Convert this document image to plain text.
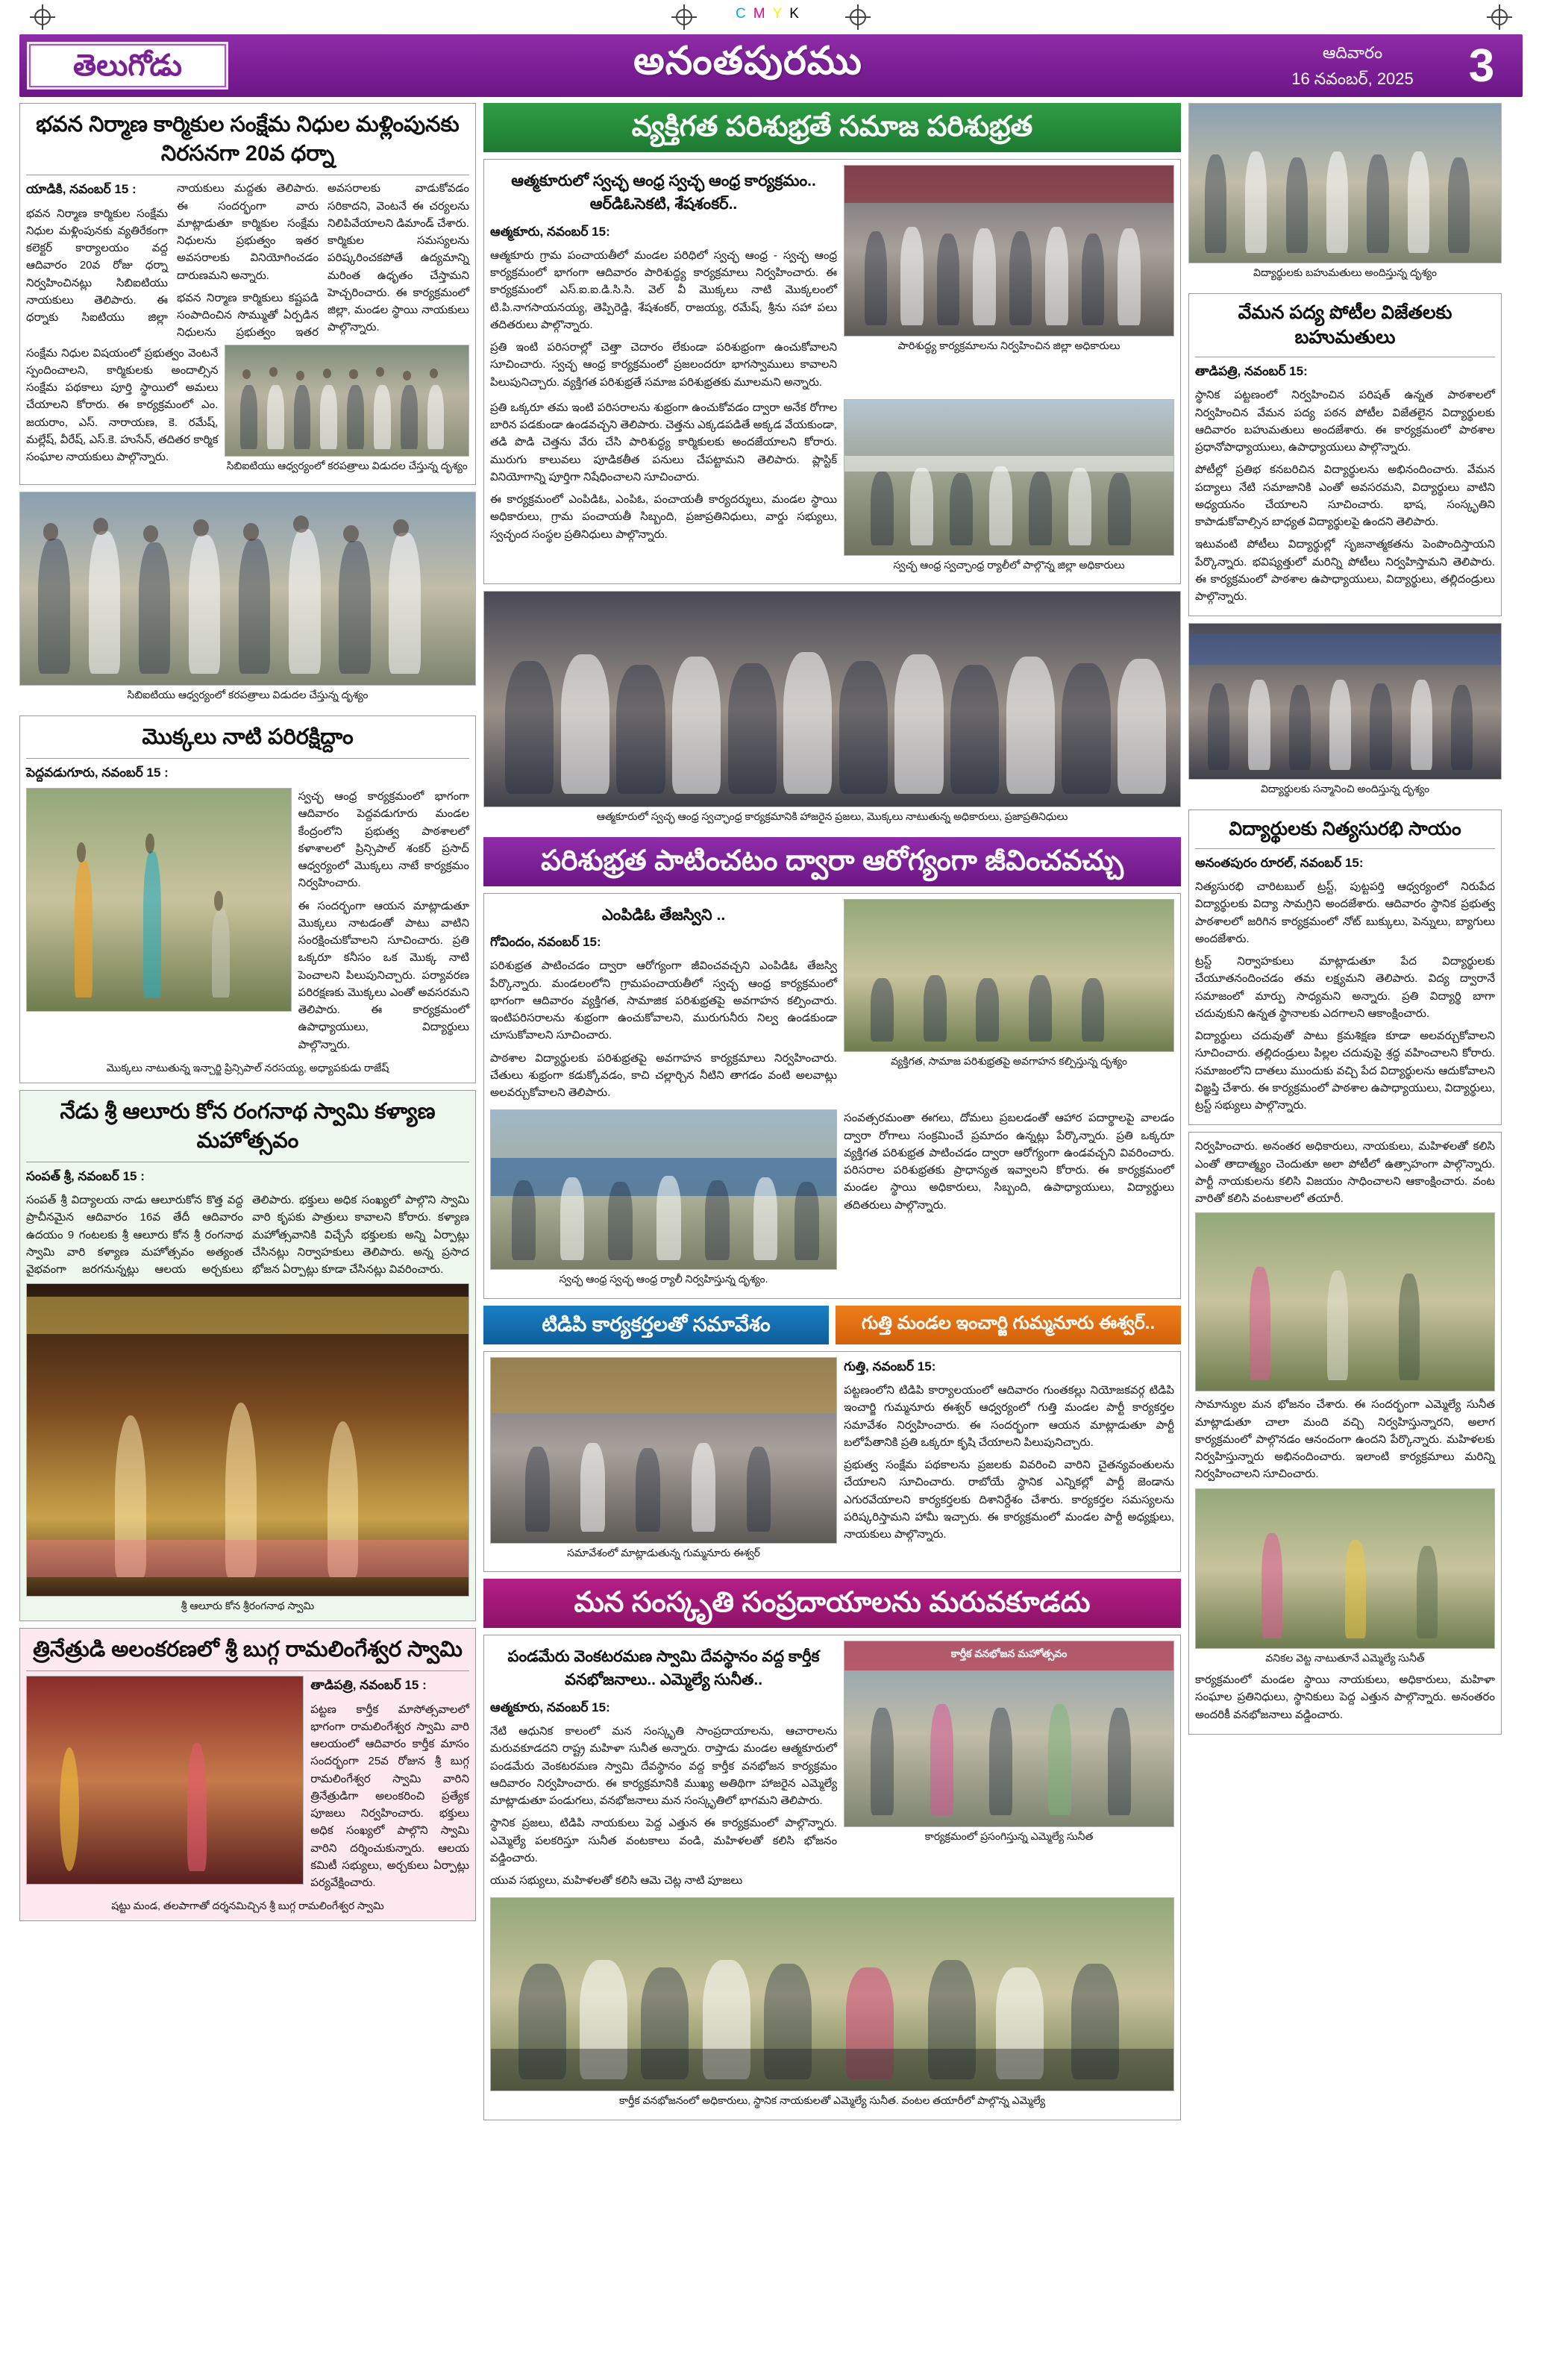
CMYK
తెలుగోడు	అనంతపురము	ఆదివారం
16 నవంబర్, 2025	3
భవన నిర్మాణ కార్మికుల సంక్షేమ నిధుల మళ్లింపునకు నిరసనగా 20వ ధర్నా

యాడికి, నవంబర్ 15 :

భవన నిర్మాణ కార్మికుల సంక్షేమ నిధుల మళ్లింపునకు వ్యతిరేకంగా కలెక్టర్ కార్యాలయం వద్ద ఆదివారం 20వ రోజు ధర్నా నిర్వహించినట్లు సిబిఐటియు నాయకులు తెలిపారు. ఈ ధర్నాకు సిఐటియు జిల్లా నాయకులు మద్దతు తెలిపారు. ఈ సందర్భంగా వారు మాట్లాడుతూ కార్మికుల సంక్షేమ నిధులను ప్రభుత్వం ఇతర అవసరాలకు వినియోగించడం దారుణమని అన్నారు.

భవన నిర్మాణ కార్మికులు కష్టపడి సంపాదించిన సొమ్ముతో ఏర్పడిన నిధులను ప్రభుత్వం ఇతర అవసరాలకు వాడుకోవడం సరికాదని, వెంటనే ఈ చర్యలను నిలిపివేయాలని డిమాండ్ చేశారు. కార్మికుల సమస్యలను పరిష్కరించకపోతే ఉద్యమాన్ని మరింత ఉధృతం చేస్తామని హెచ్చరించారు. ఈ కార్యక్రమంలో జిల్లా, మండల స్థాయి నాయకులు పాల్గొన్నారు.

సంక్షేమ నిధుల విషయంలో ప్రభుత్వం వెంటనే స్పందించాలని, కార్మికులకు అందాల్సిన సంక్షేమ పథకాలు పూర్తి స్థాయిలో అమలు చేయాలని కోరారు. ఈ కార్యక్రమంలో ఎం. జయరాం, ఎస్. నారాయణ, కె. రమేష్, మల్లేష్, వీరేష్, ఎస్.కె. హుసేన్, తదితర కార్మిక సంఘాల నాయకులు పాల్గొన్నారు.

సిబిఐటియు ఆధ్వర్యంలో కరపత్రాలు విడుదల చేస్తున్న దృశ్యం
సిబిఐటియు ఆధ్వర్యంలో కరపత్రాలు విడుదల చేస్తున్న దృశ్యం
మొక్కలు నాటి పరిరక్షిద్దాం

పెద్దవడుగూరు, నవంబర్ 15 :

స్వచ్ఛ ఆంధ్ర కార్యక్రమంలో భాగంగా ఆదివారం పెద్దవడుగూరు మండల కేంద్రంలోని ప్రభుత్వ పాఠశాలలో కళాశాలలో ప్రిన్సిపాల్ శంకర్ ప్రసాద్ ఆధ్వర్యంలో మొక్కలు నాటే కార్యక్రమం నిర్వహించారు.

ఈ సందర్భంగా ఆయన మాట్లాడుతూ మొక్కలు నాటడంతో పాటు వాటిని సంరక్షించుకోవాలని సూచించారు. ప్రతి ఒక్కరూ కనీసం ఒక మొక్క నాటి పెంచాలని పిలుపునిచ్చారు. పర్యావరణ పరిరక్షణకు మొక్కలు ఎంతో అవసరమని తెలిపారు. ఈ కార్యక్రమంలో ఉపాధ్యాయులు, విద్యార్థులు పాల్గొన్నారు.

మొక్కలు నాటుతున్న ఇన్చార్జి ప్రిన్సిపాల్ నరసయ్య, అధ్యాపకుడు రాజేష్
నేడు శ్రీ ఆలూరు కోన రంగనాథ స్వామి కళ్యాణ మహోత్సవం

సంపత్ శ్రీ, నవంబర్ 15 :

సంపత్ శ్రీ విద్యాలయ నాడు ఆలూరుకోన కొత్త వద్ద ప్రాచీనమైన ఆదివారం 16వ తేదీ ఆదివారం ఉదయం 9 గంటలకు శ్రీ ఆలూరు కోన శ్రీ రంగనాథ స్వామి వారి కళ్యాణ మహోత్సవం అత్యంత వైభవంగా జరగనున్నట్లు ఆలయ అర్చకులు తెలిపారు. భక్తులు అధిక సంఖ్యలో పాల్గొని స్వామి వారి కృపకు పాత్రులు కావాలని కోరారు. కళ్యాణ మహోత్సవానికి విచ్చేసే భక్తులకు అన్ని ఏర్పాట్లు చేసినట్లు నిర్వాహకులు తెలిపారు. అన్న ప్రసాద భోజన ఏర్పాట్లు కూడా చేసినట్లు వివరించారు.

శ్రీ ఆలూరు కోన శ్రీరంగనాథ స్వామి
త్రినేత్రుడి అలంకరణలో శ్రీ బుగ్గ రామలింగేశ్వర స్వామి

తాడిపత్రి, నవంబర్ 15 :

పట్టణ కార్తీక మాసోత్సవాలలో భాగంగా రామలింగేశ్వర స్వామి వారి ఆలయంలో ఆదివారం కార్తీక మాసం సందర్భంగా 25వ రోజున శ్రీ బుగ్గ రామలింగేశ్వర స్వామి వారిని త్రినేత్రుడిగా అలంకరించి ప్రత్యేక పూజలు నిర్వహించారు. భక్తులు అధిక సంఖ్యలో పాల్గొని స్వామి వారిని దర్శించుకున్నారు. ఆలయ కమిటీ సభ్యులు, అర్చకులు ఏర్పాట్లు పర్యవేక్షించారు.

షట్టు మండ, తలపాగాతో దర్శనమిచ్చిన శ్రీ బుగ్గ రామలింగేశ్వర స్వామి
వ్యక్తిగత పరిశుభ్రతే సమాజ పరిశుభ్రత
ఆత్మకూరులో స్వచ్ఛ ఆంధ్ర స్వచ్ఛ ఆంధ్ర కార్యక్రమం.. ఆర్‌డిఓసెకటి, శేషశంకర్..

ఆత్మకూరు, నవంబర్ 15:

ఆత్మకూరు గ్రామ పంచాయతీలో మండల పరిధిలో స్వచ్ఛ ఆంధ్ర - స్వచ్ఛ ఆంధ్ర కార్యక్రమంలో భాగంగా ఆదివారం పారిశుద్ధ్య కార్యక్రమాలు నిర్వహించారు. ఈ కార్యక్రమంలో ఎస్.ఐ.ఐ.డి.సి.సి. వెల్ వీ మొక్కలు నాటి మొక్కలంలో టి.పి.నాగసాయనయ్య, తెప్పిరెడ్డి, శేషశంకర్, రాజయ్య, రమేష్, శ్రీను సహా పలు తదితరులు పాల్గొన్నారు.

ప్రతి ఇంటి పరిసరాల్లో చెత్తా చెదారం లేకుండా పరిశుభ్రంగా ఉంచుకోవాలని సూచించారు. స్వచ్ఛ ఆంధ్ర కార్యక్రమంలో ప్రజలందరూ భాగస్వాములు కావాలని పిలుపునిచ్చారు. వ్యక్తిగత పరిశుభ్రతే సమాజ పరిశుభ్రతకు మూలమని అన్నారు.

పారిశుద్ధ్య కార్యక్రమాలను నిర్వహించిన జిల్లా అధికారులు

ప్రతి ఒక్కరూ తమ ఇంటి పరిసరాలను శుభ్రంగా ఉంచుకోవడం ద్వారా అనేక రోగాల బారిన పడకుండా ఉండవచ్చని తెలిపారు. చెత్తను ఎక్కడపడితే అక్కడ వేయకుండా, తడి పొడి చెత్తను వేరు చేసి పారిశుద్ధ్య కార్మికులకు అందజేయాలని కోరారు. మురుగు కాలువలు పూడికతీత పనులు చేపట్టామని తెలిపారు. ప్లాస్టిక్ వినియోగాన్ని పూర్తిగా నిషేధించాలని సూచించారు.

ఈ కార్యక్రమంలో ఎంపిడిఓ, ఎంపిఓ, పంచాయతీ కార్యదర్శులు, మండల స్థాయి అధికారులు, గ్రామ పంచాయతీ సిబ్బంది, ప్రజాప్రతినిధులు, వార్డు సభ్యులు, స్వచ్ఛంద సంస్థల ప్రతినిధులు పాల్గొన్నారు.

స్వచ్ఛ ఆంధ్ర స్వచ్ఛాంధ్ర ర్యాలీలో పాల్గొన్న జిల్లా అధికారులు
ఆత్మకూరులో స్వచ్ఛ ఆంధ్ర స్వచ్ఛాంధ్ర కార్యక్రమానికి హాజరైన ప్రజలు, మొక్కలు నాటుతున్న అధికారులు, ప్రజాప్రతినిధులు
పరిశుభ్రత పాటించటం ద్వారా ఆరోగ్యంగా జీవించవచ్చు
ఎంపిడిఓ తేజస్విని ..

గోవిందం, నవంబర్ 15:

పరిశుభ్రత పాటించడం ద్వారా ఆరోగ్యంగా జీవించవచ్చని ఎంపిడిఓ తేజస్వి పేర్కొన్నారు. మండలంలోని గ్రామపంచాయతీలో స్వచ్ఛ ఆంధ్ర కార్యక్రమంలో భాగంగా ఆదివారం వ్యక్తిగత, సామాజిక పరిశుభ్రతపై అవగాహన కల్పించారు. ఇంటిపరిసరాలను శుభ్రంగా ఉంచుకోవాలని, మురుగునీరు నిల్వ ఉండకుండా చూసుకోవాలని సూచించారు.

పాఠశాల విద్యార్థులకు పరిశుభ్రతపై అవగాహన కార్యక్రమాలు నిర్వహించారు. చేతులు శుభ్రంగా కడుక్కోవడం, కాచి చల్లార్చిన నీటిని తాగడం వంటి అలవాట్లు అలవర్చుకోవాలని తెలిపారు.

వ్యక్తిగత, సామాజ పరిశుభ్రతపై అవగాహన కల్పిస్తున్న దృశ్యం
స్వచ్ఛ ఆంధ్ర స్వచ్ఛ ఆంధ్ర ర్యాలీ నిర్వహిస్తున్న దృశ్యం.

సంవత్సరమంతా ఈగలు, దోమలు ప్రబలడంతో ఆహార పదార్థాలపై వాలడం ద్వారా రోగాలు సంక్రమించే ప్రమాదం ఉన్నట్లు పేర్కొన్నారు. ప్రతి ఒక్కరూ వ్యక్తిగత పరిశుభ్రత పాటించడం ద్వారా ఆరోగ్యంగా ఉండవచ్చని వివరించారు. పరిసరాల పరిశుభ్రతకు ప్రాధాన్యత ఇవ్వాలని కోరారు. ఈ కార్యక్రమంలో మండల స్థాయి అధికారులు, సిబ్బంది, ఉపాధ్యాయులు, విద్యార్థులు తదితరులు పాల్గొన్నారు.

టిడిపి కార్యకర్తలతో సమావేశం	గుత్తి మండల ఇంచార్జి గుమ్మనూరు ఈశ్వర్..
సమావేశంలో మాట్లాడుతున్న గుమ్మనూరు ఈశ్వర్

గుత్తి, నవంబర్ 15:

పట్టణంలోని టిడిపి కార్యాలయంలో ఆదివారం గుంతకల్లు నియోజకవర్గ టిడిపి ఇంచార్జి గుమ్మనూరు ఈశ్వర్ ఆధ్వర్యంలో గుత్తి మండల పార్టీ కార్యకర్తల సమావేశం నిర్వహించారు. ఈ సందర్భంగా ఆయన మాట్లాడుతూ పార్టీ బలోపేతానికి ప్రతి ఒక్కరూ కృషి చేయాలని పిలుపునిచ్చారు.

ప్రభుత్వ సంక్షేమ పథకాలను ప్రజలకు వివరించి వారిని చైతన్యవంతులను చేయాలని సూచించారు. రాబోయే స్థానిక ఎన్నికల్లో పార్టీ జెండాను ఎగురవేయాలని కార్యకర్తలకు దిశానిర్దేశం చేశారు. కార్యకర్తల సమస్యలను పరిష్కరిస్తామని హామీ ఇచ్చారు. ఈ కార్యక్రమంలో మండల పార్టీ అధ్యక్షులు, నాయకులు పాల్గొన్నారు.

మన సంస్కృతి సంప్రదాయాలను మరువకూడదు
పండమేరు వెంకటరమణ స్వామి దేవస్థానం వద్ద కార్తీక వనభోజనాలు.. ఎమ్మెల్యే సునీత..

ఆత్మకూరు, నవంబర్ 15:

నేటి ఆధునిక కాలంలో మన సంస్కృతి సాంప్రదాయాలను, ఆచారాలను మరువకూడదని రాష్ట్ర మహిళా సునీత అన్నారు. రాప్తాడు మండల ఆత్మకూరులో పండమేరు వెంకటరమణ స్వామి దేవస్థానం వద్ద కార్తీక వనభోజన కార్యక్రమం ఆదివారం నిర్వహించారు. ఈ కార్యక్రమానికి ముఖ్య అతిథిగా హాజరైన ఎమ్మెల్యే మాట్లాడుతూ పండుగలు, వనభోజనాలు మన సంస్కృతిలో భాగమని తెలిపారు.

స్థానిక ప్రజలు, టిడిపి నాయకులు పెద్ద ఎత్తున ఈ కార్యక్రమంలో పాల్గొన్నారు. ఎమ్మెల్యే పలకరిస్తూ సునీత వంటకాలు వండి, మహిళలతో కలిసి భోజనం వడ్డించారు.

యువ సభ్యులు, మహిళలతో కలిసి ఆమె చెట్ల నాటి పూజలు

కార్తీక వనభోజన మహోత్సవం
కార్యక్రమంలో ప్రసంగిస్తున్న ఎమ్మెల్యే సునీత
కార్తీక వనభోజనంలో అధికారులు, స్థానిక నాయకులతో ఎమ్మెల్యే సునీత. వంటల తయారీలో పాల్గొన్న ఎమ్మెల్యే
విద్యార్థులకు బహుమతులు అందిస్తున్న దృశ్యం
వేమన పద్య పోటీల విజేతలకు బహుమతులు

తాడిపత్రి, నవంబర్ 15:

స్థానిక పట్టణంలో నిర్వహించిన పరిషత్ ఉన్నత పాఠశాలలో నిర్వహించిన వేమన పద్య పఠన పోటీల విజేతలైన విద్యార్థులకు ఆదివారం బహుమతులు అందజేశారు. ఈ కార్యక్రమంలో పాఠశాల ప్రధానోపాధ్యాయులు, ఉపాధ్యాయులు పాల్గొన్నారు.

పోటీల్లో ప్రతిభ కనబరిచిన విద్యార్థులను అభినందించారు. వేమన పద్యాలు నేటి సమాజానికి ఎంతో అవసరమని, విద్యార్థులు వాటిని అధ్యయనం చేయాలని సూచించారు. భాష, సంస్కృతిని కాపాడుకోవాల్సిన బాధ్యత విద్యార్థులపై ఉందని తెలిపారు.

ఇటువంటి పోటీలు విద్యార్థుల్లో సృజనాత్మకతను పెంపొందిస్తాయని పేర్కొన్నారు. భవిష్యత్తులో మరిన్ని పోటీలు నిర్వహిస్తామని తెలిపారు. ఈ కార్యక్రమంలో పాఠశాల ఉపాధ్యాయులు, విద్యార్థులు, తల్లిదండ్రులు పాల్గొన్నారు.

విద్యార్థులకు సన్మానించి అందిస్తున్న దృశ్యం
విద్యార్థులకు నిత్యసురభి సాయం

అనంతపురం రూరల్, నవంబర్ 15:

నిత్యసురభి చారిటబుల్ ట్రస్ట్, పుట్టపర్తి ఆధ్వర్యంలో నిరుపేద విద్యార్థులకు విద్యా సామగ్రిని అందజేశారు. ఆదివారం స్థానిక ప్రభుత్వ పాఠశాలలో జరిగిన కార్యక్రమంలో నోట్ బుక్కులు, పెన్నులు, బ్యాగులు అందజేశారు.

ట్రస్ట్ నిర్వాహకులు మాట్లాడుతూ పేద విద్యార్థులకు చేయూతనందించడం తమ లక్ష్యమని తెలిపారు. విద్య ద్వారానే సమాజంలో మార్పు సాధ్యమని అన్నారు. ప్రతి విద్యార్థి బాగా చదువుకుని ఉన్నత స్థానాలకు ఎదగాలని ఆకాంక్షించారు.

విద్యార్థులు చదువుతో పాటు క్రమశిక్షణ కూడా అలవర్చుకోవాలని సూచించారు. తల్లిదండ్రులు పిల్లల చదువుపై శ్రద్ధ వహించాలని కోరారు. సమాజంలోని దాతలు ముందుకు వచ్చి పేద విద్యార్థులను ఆదుకోవాలని విజ్ఞప్తి చేశారు. ఈ కార్యక్రమంలో పాఠశాల ఉపాధ్యాయులు, విద్యార్థులు, ట్రస్ట్ సభ్యులు పాల్గొన్నారు.

నిర్వహించారు. అనంతర అధికారులు, నాయకులు, మహిళలతో కలిసి ఎంతో తాదాత్మ్యం చెందుతూ అలా పోటీలో ఉత్సాహంగా పాల్గొన్నారు. పార్టీ నాయకులను కలిసి విజయం సాధించాలని ఆకాంక్షించారు. వంట వారితో కలిసి వంటకాలలో తయారీ.

సామాన్యుల మన భోజనం చేశారు. ఈ సందర్భంగా ఎమ్మెల్యే సునీత మాట్లాడుతూ చాలా మంది వచ్చి నిర్వహిస్తున్నారని, అలాగ కార్యక్రమంలో పాల్గొనడం ఆనందంగా ఉందని పేర్కొన్నారు. మహిళలకు నిర్వహిస్తున్నారు అభినందించారు. ఇలాంటి కార్యక్రమాలు మరిన్ని నిర్వహించాలని సూచించారు.

వనికల వెట్ట నాటుతూనే ఎమ్మెల్యే సునీత్

కార్యక్రమంలో మండల స్థాయి నాయకులు, అధికారులు, మహిళా సంఘాల ప్రతినిధులు, స్థానికులు పెద్ద ఎత్తున పాల్గొన్నారు. అనంతరం అందరికీ వనభోజనాలు వడ్డించారు.
